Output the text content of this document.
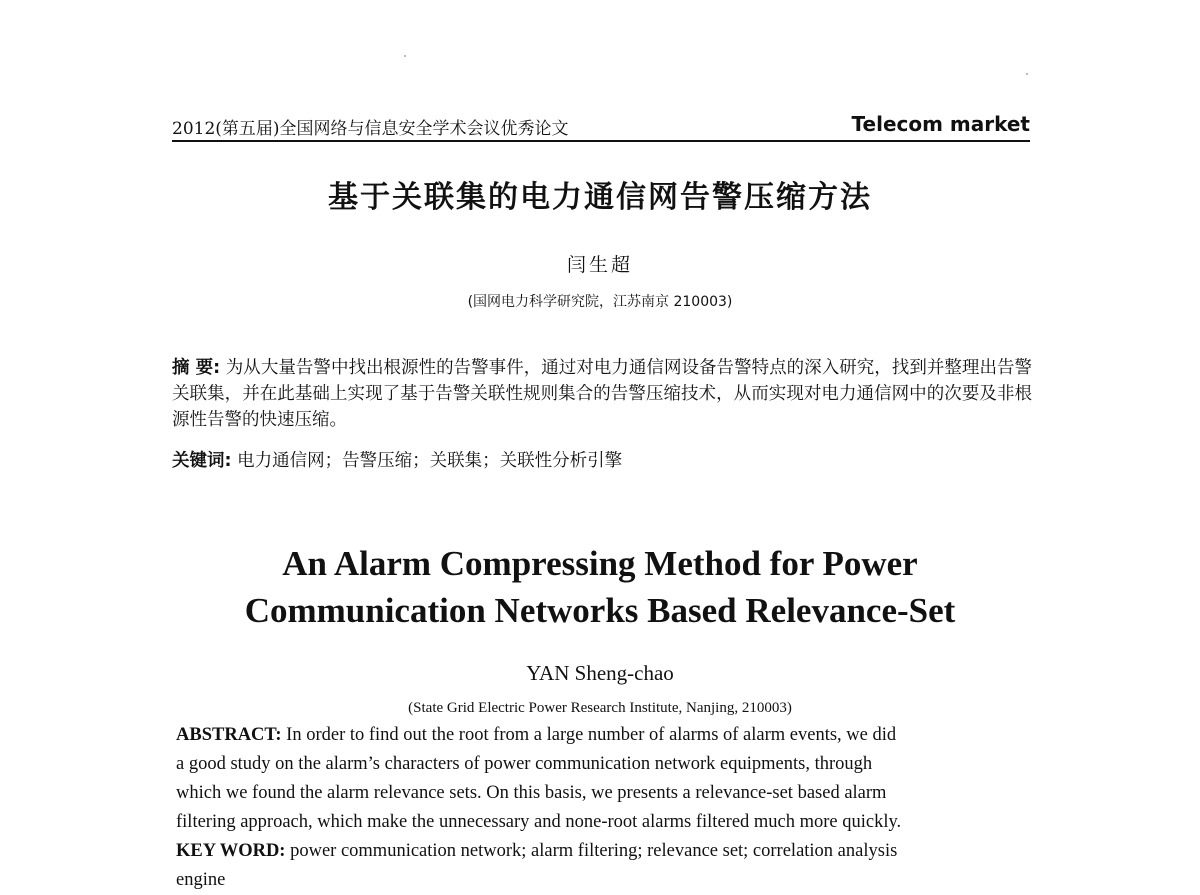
2012(第五届)全国网络与信息安全学术会议优秀论文	Telecom market
基于关联集的电力通信网告警压缩方法
闫生超
(国网电力科学研究院，江苏南京 210003)
摘 要: 为从大量告警中找出根源性的告警事件，通过对电力通信网设备告警特点的深入研究，找到并整理出告警关联集，并在此基础上实现了基于告警关联性规则集合的告警压缩技术，从而实现对电力通信网中的次要及非根源性告警的快速压缩。
关键词: 电力通信网；告警压缩；关联集；关联性分析引擎
An Alarm Compressing Method for Power
Communication Networks Based Relevance-Set
YAN Sheng-chao
(State Grid Electric Power Research Institute, Nanjing, 210003)
ABSTRACT: In order to find out the root from a large number of alarms of alarm events, we did
a good study on the alarm’s characters of power communication network equipments, through
which we found the alarm relevance sets. On this basis, we presents a relevance-set based alarm
filtering approach, which make the unnecessary and none-root alarms filtered much more quickly.
KEY WORD: power communication network; alarm filtering; relevance set; correlation analysis
engine
